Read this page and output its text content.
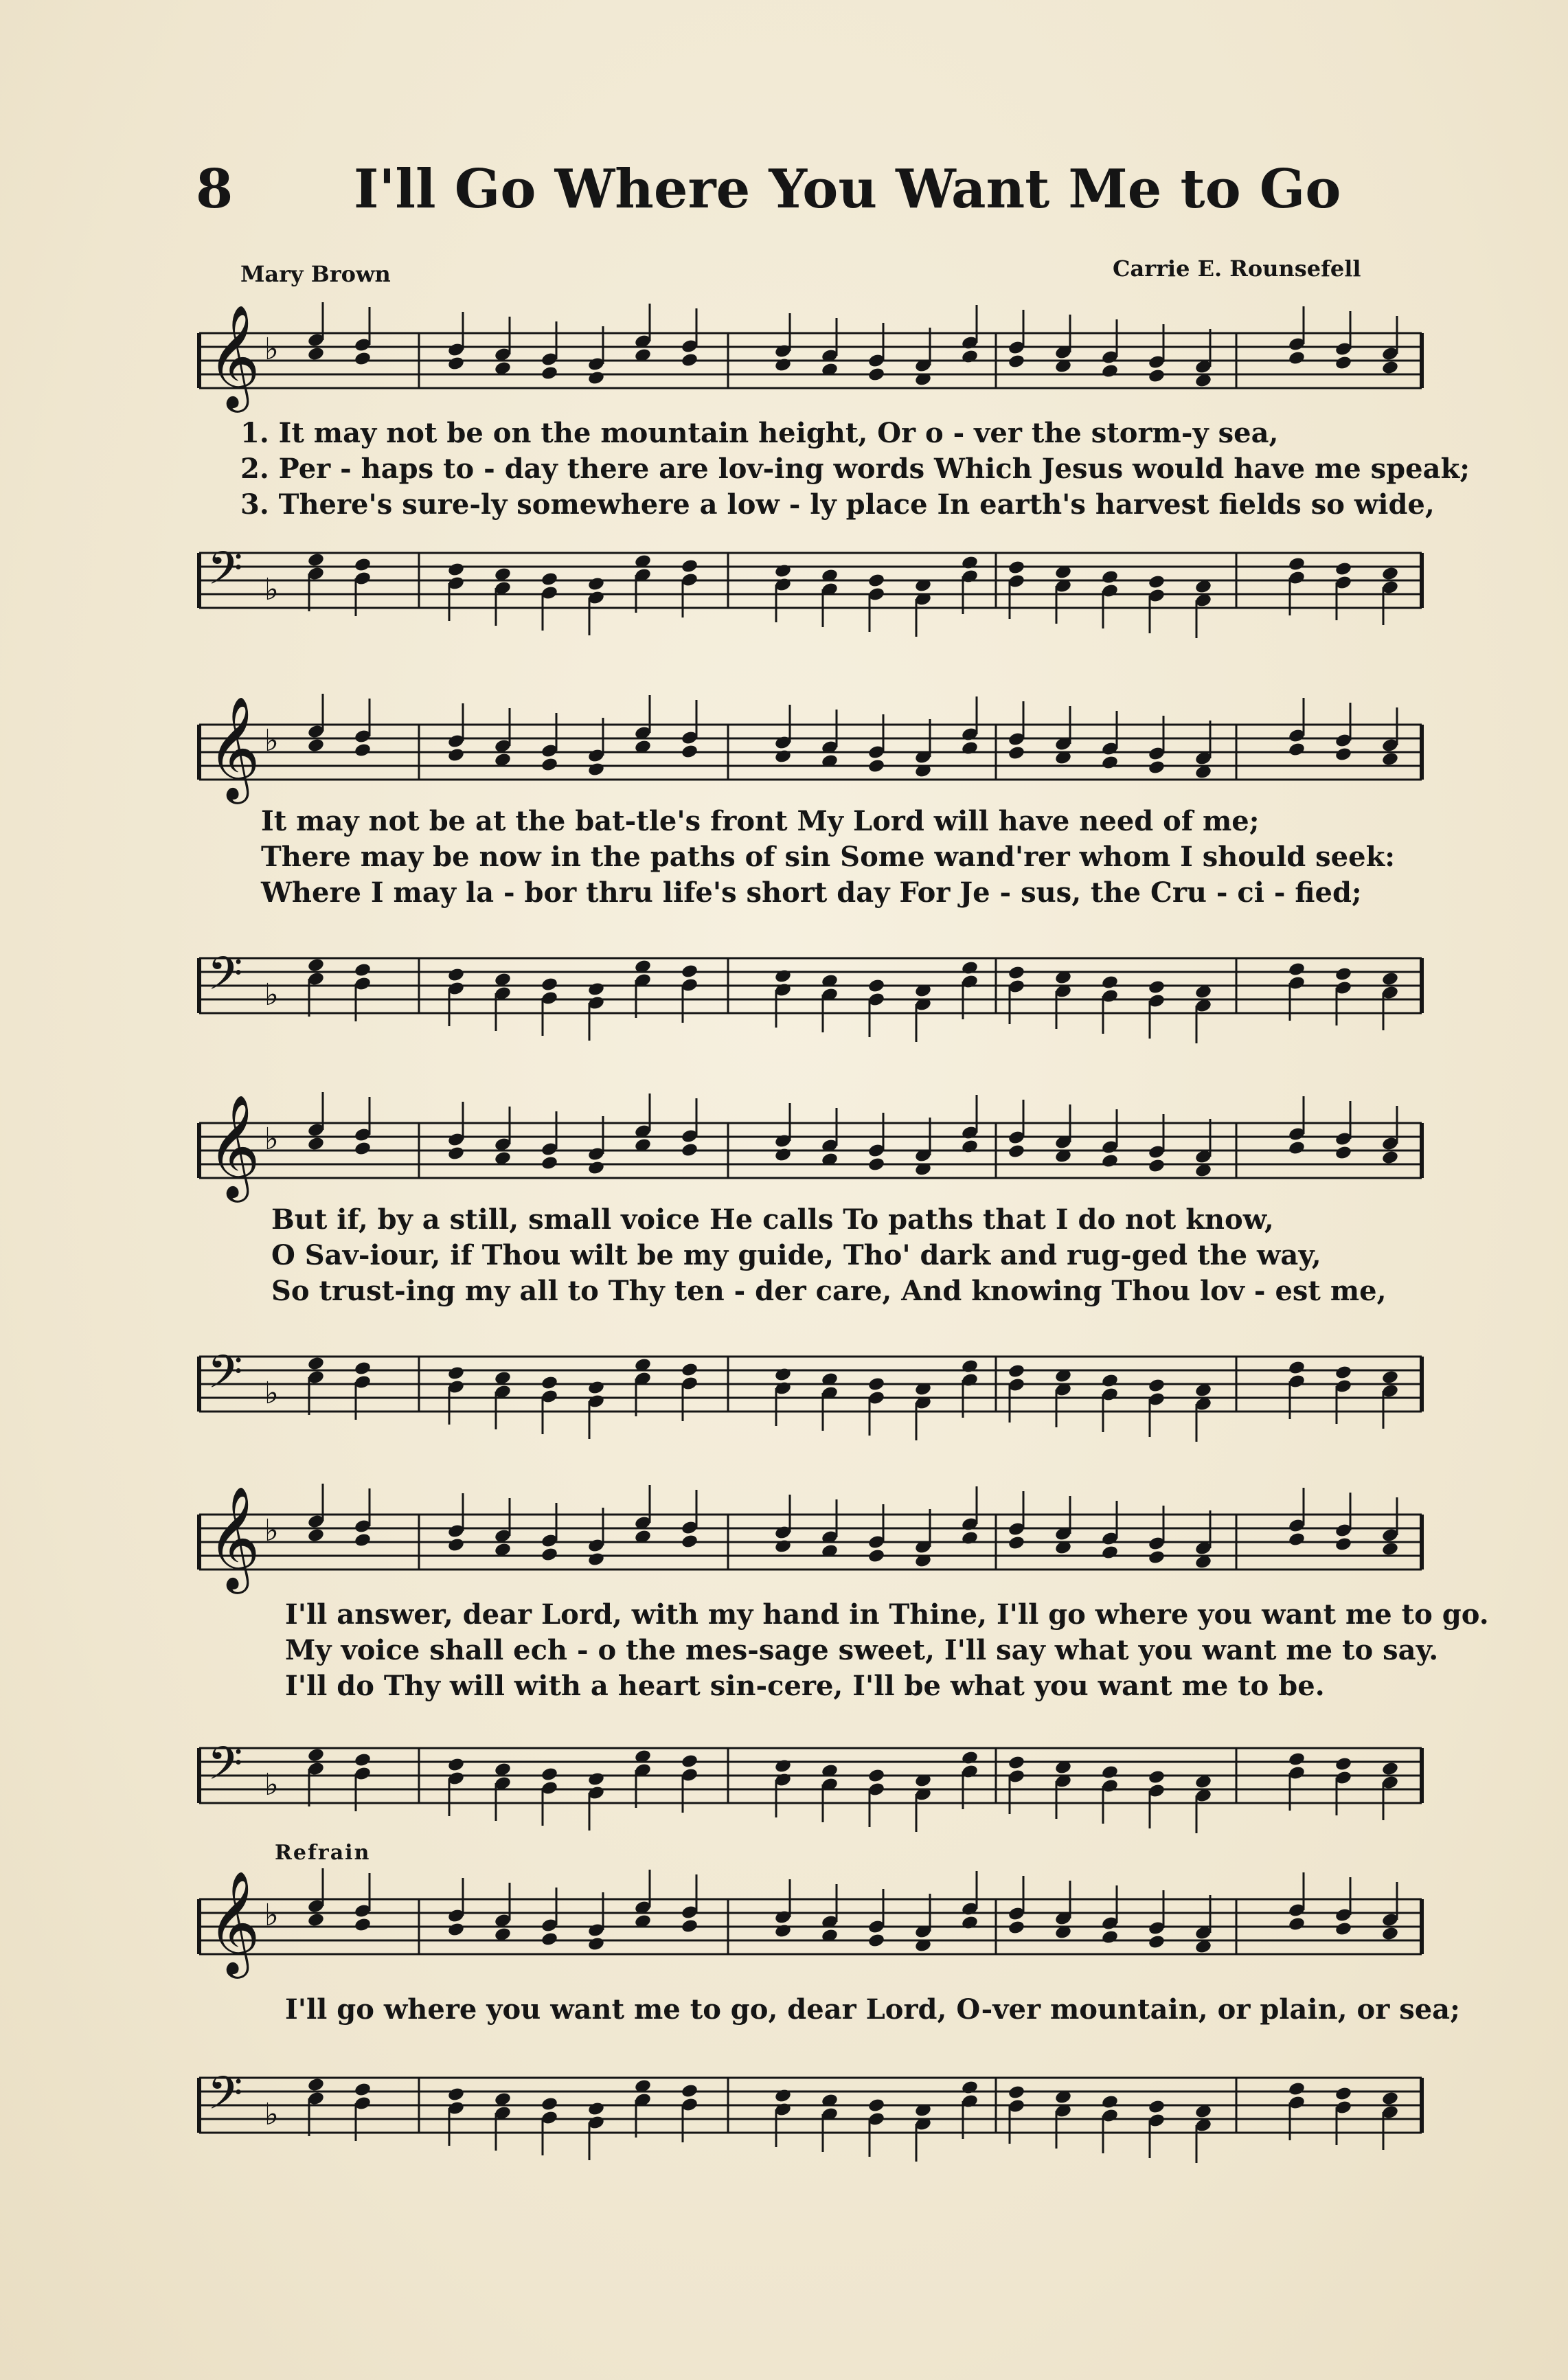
8 I'll Go Where You Want Me to Go
Mary Brown	Carrie E. Rounsefell
𝄞 ♭
1. It may not be on the mountain height, Or o - ver the storm-y sea,
2. Per - haps to - day there are lov-ing words Which Jesus would have me speak;
3. There's sure-ly somewhere a low - ly place In earth's harvest fields so wide,
𝄢 ♭
𝄞 ♭
It may not be at the bat-tle's front My Lord will have need of me;
There may be now in the paths of sin Some wand'rer whom I should seek:
Where I may la - bor thru life's short day For Je - sus, the Cru - ci - fied;
𝄢 ♭
𝄞 ♭
But if, by a still, small voice He calls To paths that I do not know,
O Sav-iour, if Thou wilt be my guide, Tho' dark and rug-ged the way,
So trust-ing my all to Thy ten - der care, And knowing Thou lov - est me,
𝄢 ♭
𝄞 ♭
I'll answer, dear Lord, with my hand in Thine, I'll go where you want me to go.
My voice shall ech - o the mes-sage sweet, I'll say what you want me to say.
I'll do Thy will with a heart sin-cere, I'll be what you want me to be.
𝄢 ♭
Refrain
𝄞 ♭
I'll go where you want me to go, dear Lord, O-ver mountain, or plain, or sea;
𝄢 ♭
